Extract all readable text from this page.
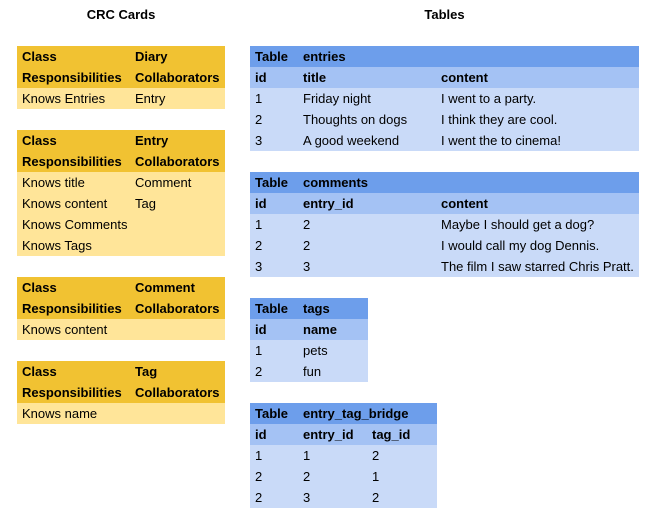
CRC Cards	Tables
Class	Diary
Responsibilities	Collaborators
Knows Entries	Entry
Class	Entry
Responsibilities	Collaborators
Knows title	Comment
Knows content	Tag
Knows Comments	
Knows Tags	
Class	Comment
Responsibilities	Collaborators
Knows content	
Class	Tag
Responsibilities	Collaborators
Knows name	
Table	entries	
id	title	content
1	Friday night	I went to a party.
2	Thoughts on dogs	I think they are cool.
3	A good weekend	I went the to cinema!
Table	comments	
id	entry_id	content
1	2	Maybe I should get a dog?
2	2	I would call my dog Dennis.
3	3	The film I saw starred Chris Pratt.
Table	tags
id	name
1	pets
2	fun
Table	entry_tag_bridge	
id	entry_id	tag_id
1	1	2
2	2	1
2	3	2
